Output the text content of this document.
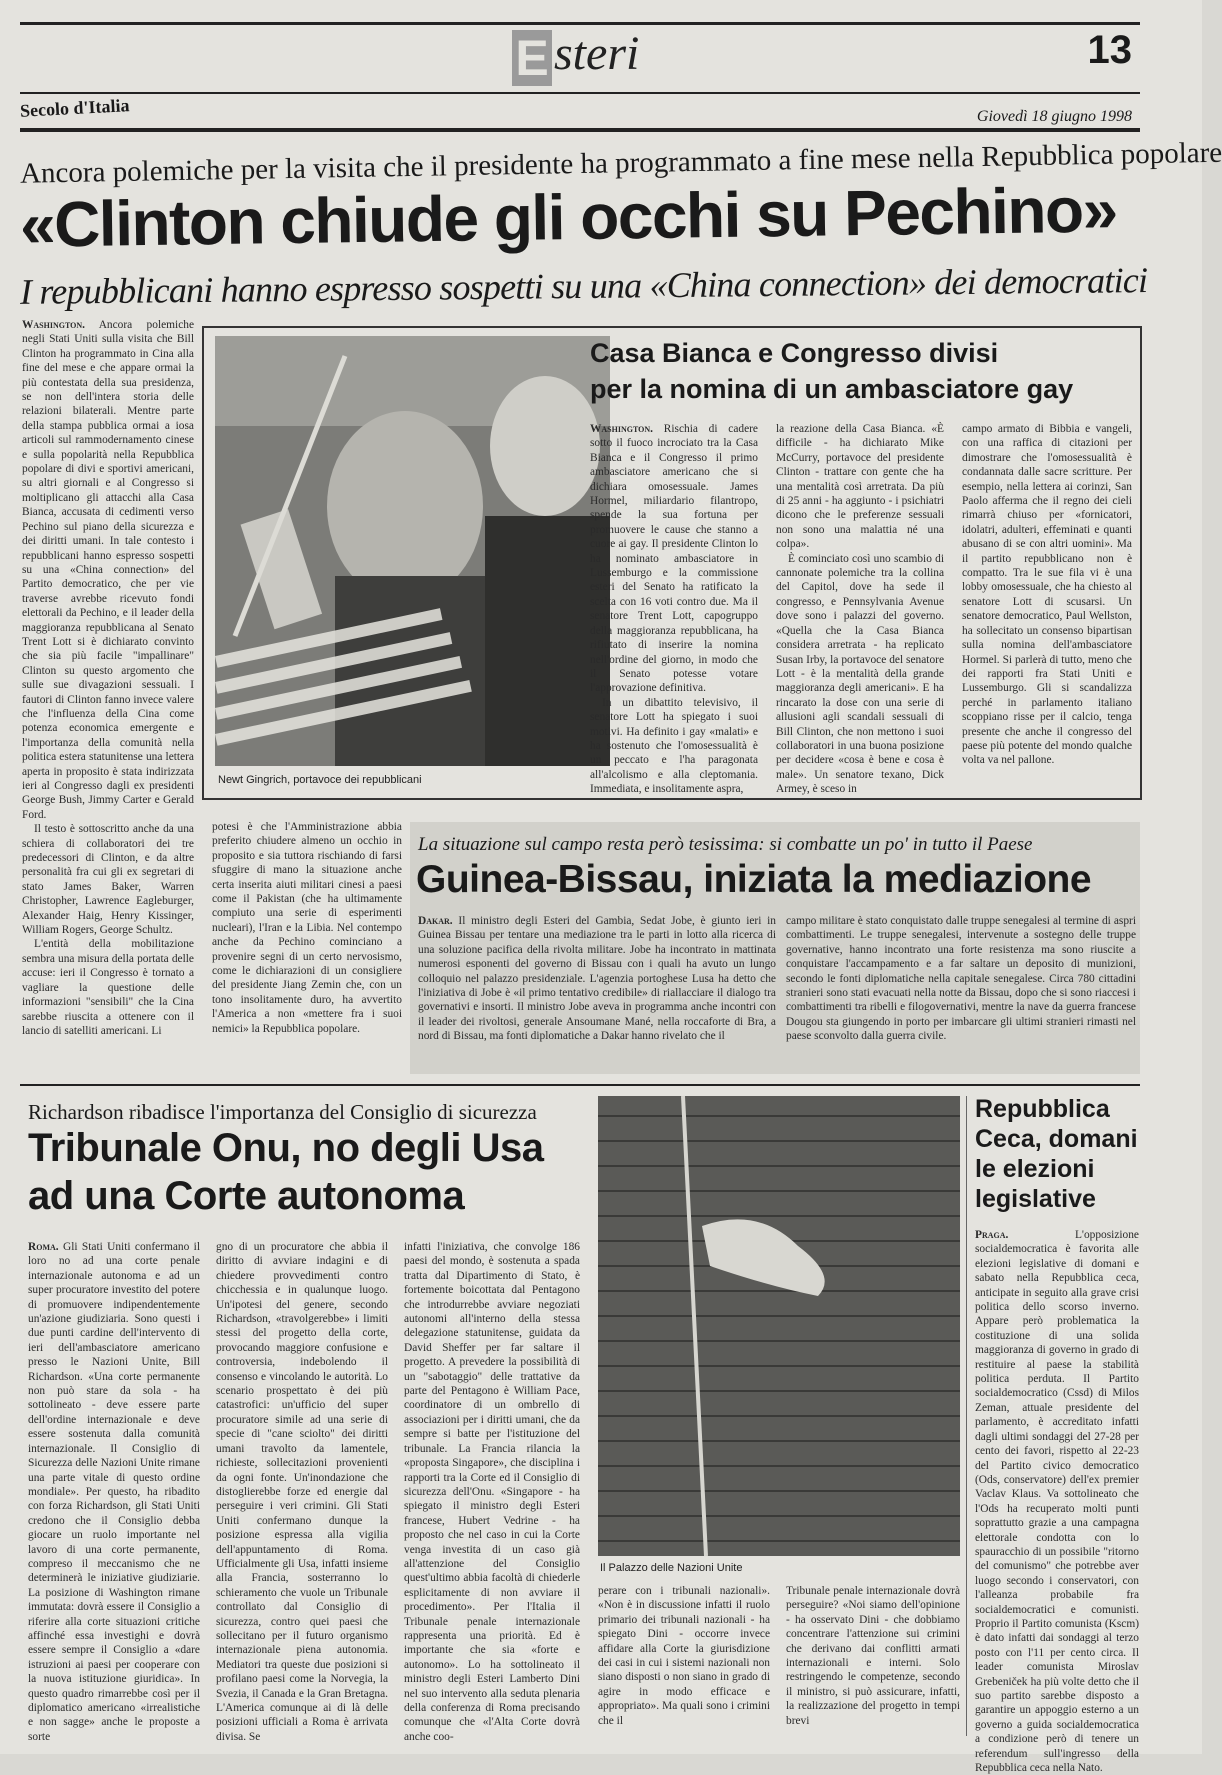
E steri	13
Secolo d'Italia	Giovedì 18 giugno 1998
Ancora polemiche per la visita che il presidente ha programmato a fine mese nella Repubblica popolare
«Clinton chiude gli occhi su Pechino»
I repubblicani hanno espresso sospetti su una «China connection» dei democratici

Washington. Ancora polemiche negli Stati Uniti sulla visita che Bill Clinton ha programmato in Cina alla fine del mese e che appare ormai la più contestata della sua presidenza, se non dell'intera storia delle relazioni bilaterali. Mentre parte della stampa pubblica ormai a iosa articoli sul rammodernamento cinese e sulla popolarità nella Repubblica popolare di divi e sportivi americani, su altri giornali e al Congresso si moltiplicano gli attacchi alla Casa Bianca, accusata di cedimenti verso Pechino sul piano della sicurezza e dei diritti umani. In tale contesto i repubblicani hanno espresso sospetti su una «China connection» del Partito democratico, che per vie traverse avrebbe ricevuto fondi elettorali da Pechino, e il leader della maggioranza repubblicana al Senato Trent Lott si è dichiarato convinto che sia più facile "impallinare" Clinton su questo argomento che sulle sue divagazioni sessuali. I fautori di Clinton fanno invece valere che l'influenza della Cina come potenza economica emergente e l'importanza della comunità nella politica estera statunitense una lettera aperta in proposito è stata indirizzata ieri al Congresso dagli ex presidenti George Bush, Jimmy Carter e Gerald Ford.

Il testo è sottoscritto anche da una schiera di collaboratori dei tre predecessori di Clinton, e da altre personalità fra cui gli ex segretari di stato James Baker, Warren Christopher, Lawrence Eagleburger, Alexander Haig, Henry Kissinger, William Rogers, George Schultz.

L'entità della mobilitazione sembra una misura della portata delle accuse: ieri il Congresso è tornato a vagliare la questione delle informazioni "sensibili" che la Cina sarebbe riuscita a ottenere con il lancio di satelliti americani. Li

Newt Gingrich, portavoce dei repubblicani
Casa Bianca e Congresso divisi
per la nomina di un ambasciatore gay

Washington. Rischia di cadere sotto il fuoco incrociato tra la Casa Bianca e il Congresso il primo ambasciatore americano che si dichiara omosessuale. James Hormel, miliardario filantropo, spende la sua fortuna per promuovere le cause che stanno a cuore ai gay. Il presidente Clinton lo ha nominato ambasciatore in Lussemburgo e la commissione esteri del Senato ha ratificato la scelta con 16 voti contro due. Ma il senatore Trent Lott, capogruppo della maggioranza repubblicana, ha rifiutato di inserire la nomina nell'ordine del giorno, in modo che il Senato potesse votare l'approvazione definitiva.

In un dibattito televisivo, il senatore Lott ha spiegato i suoi motivi. Ha definito i gay «malati» e ha sostenuto che l'omosessualità è un peccato e l'ha paragonata all'alcolismo e alla cleptomania. Immediata, e insolitamente aspra,

la reazione della Casa Bianca. «È difficile - ha dichiarato Mike McCurry, portavoce del presidente Clinton - trattare con gente che ha una mentalità così arretrata. Da più di 25 anni - ha aggiunto - i psichiatri dicono che le preferenze sessuali non sono una malattia né una colpa».

È cominciato così uno scambio di cannonate polemiche tra la collina del Capitol, dove ha sede il congresso, e Pennsylvania Avenue dove sono i palazzi del governo. «Quella che la Casa Bianca considera arretrata - ha replicato Susan Irby, la portavoce del senatore Lott - è la mentalità della grande maggioranza degli americani». E ha rincarato la dose con una serie di allusioni agli scandali sessuali di Bill Clinton, che non mettono i suoi collaboratori in una buona posizione per decidere «cosa è bene e cosa è male». Un senatore texano, Dick Armey, è sceso in

campo armato di Bibbia e vangeli, con una raffica di citazioni per dimostrare che l'omosessualità è condannata dalle sacre scritture. Per esempio, nella lettera ai corinzi, San Paolo afferma che il regno dei cieli rimarrà chiuso per «fornicatori, idolatri, adulteri, effeminati e quanti abusano di se con altri uomini». Ma il partito repubblicano non è compatto. Tra le sue fila vi è una lobby omosessuale, che ha chiesto al senatore Lott di scusarsi. Un senatore democratico, Paul Wellston, ha sollecitato un consenso bipartisan sulla nomina dell'ambasciatore Hormel. Si parlerà di tutto, meno che dei rapporti fra Stati Uniti e Lussemburgo. Gli si scandalizza perché in parlamento italiano scoppiano risse per il calcio, tenga presente che anche il congresso del paese più potente del mondo qualche volta va nel pallone.

potesi è che l'Amministrazione abbia preferito chiudere almeno un occhio in proposito e sia tuttora rischiando di farsi sfuggire di mano la situazione anche certa inserita aiuti militari cinesi a paesi come il Pakistan (che ha ultimamente compiuto una serie di esperimenti nucleari), l'Iran e la Libia. Nel contempo anche da Pechino cominciano a provenire segni di un certo nervosismo, come le dichiarazioni di un consigliere del presidente Jiang Zemin che, con un tono insolitamente duro, ha avvertito l'America a non «mettere fra i suoi nemici» la Repubblica popolare.

La situazione sul campo resta però tesissima: si combatte un po' in tutto il Paese
Guinea-Bissau, iniziata la mediazione

Dakar. Il ministro degli Esteri del Gambia, Sedat Jobe, è giunto ieri in Guinea Bissau per tentare una mediazione tra le parti in lotto alla ricerca di una soluzione pacifica della rivolta militare. Jobe ha incontrato in mattinata numerosi esponenti del governo di Bissau con i quali ha avuto un lungo colloquio nel palazzo presidenziale. L'agenzia portoghese Lusa ha detto che l'iniziativa di Jobe è «il primo tentativo credibile» di riallacciare il dialogo tra governativi e insorti. Il ministro Jobe aveva in programma anche incontri con il leader dei rivoltosi, generale Ansoumane Mané, nella roccaforte di Bra, a nord di Bissau, ma fonti diplomatiche a Dakar hanno rivelato che il

campo militare è stato conquistato dalle truppe senegalesi al termine di aspri combattimenti. Le truppe senegalesi, intervenute a sostegno delle truppe governative, hanno incontrato una forte resistenza ma sono riuscite a conquistare l'accampamento e a far saltare un deposito di munizioni, secondo le fonti diplomatiche nella capitale senegalese. Circa 780 cittadini stranieri sono stati evacuati nella notte da Bissau, dopo che si sono riaccesi i combattimenti tra ribelli e filogovernativi, mentre la nave da guerra francese Dougou sta giungendo in porto per imbarcare gli ultimi stranieri rimasti nel paese sconvolto dalla guerra civile.

Richardson ribadisce l'importanza del Consiglio di sicurezza
Tribunale Onu, no degli Usa
ad una Corte autonoma

Roma. Gli Stati Uniti confermano il loro no ad una corte penale internazionale autonoma e ad un super procuratore investito del potere di promuovere indipendentemente un'azione giudiziaria. Sono questi i due punti cardine dell'intervento di ieri dell'ambasciatore americano presso le Nazioni Unite, Bill Richardson. «Una corte permanente non può stare da sola - ha sottolineato - deve essere parte dell'ordine internazionale e deve essere sostenuta dalla comunità internazionale. Il Consiglio di Sicurezza delle Nazioni Unite rimane una parte vitale di questo ordine mondiale». Per questo, ha ribadito con forza Richardson, gli Stati Uniti credono che il Consiglio debba giocare un ruolo importante nel lavoro di una corte permanente, compreso il meccanismo che ne determinerà le iniziative giudiziarie. La posizione di Washington rimane immutata: dovrà essere il Consiglio a riferire alla corte situazioni critiche affinché essa investighi e dovrà essere sempre il Consiglio a «dare istruzioni ai paesi per cooperare con la nuova istituzione giuridica». In questo quadro rimarrebbe così per il diplomatico americano «irrealistiche e non sagge» anche le proposte a sorte

gno di un procuratore che abbia il diritto di avviare indagini e di chiedere provvedimenti contro chicchessia e in qualunque luogo. Un'ipotesi del genere, secondo Richardson, «travolgerebbe» i limiti stessi del progetto della corte, provocando maggiore confusione e controversia, indebolendo il consenso e vincolando le autorità. Lo scenario prospettato è dei più catastrofici: un'ufficio del super procuratore simile ad una serie di specie di "cane sciolto" dei diritti umani travolto da lamentele, richieste, sollecitazioni provenienti da ogni fonte. Un'inondazione che distoglierebbe forze ed energie dal perseguire i veri crimini. Gli Stati Uniti confermano dunque la posizione espressa alla vigilia dell'appuntamento di Roma. Ufficialmente gli Usa, infatti insieme alla Francia, sosterranno lo schieramento che vuole un Tribunale controllato dal Consiglio di sicurezza, contro quei paesi che sollecitano per il futuro organismo internazionale piena autonomia. Mediatori tra queste due posizioni si profilano paesi come la Norvegia, la Svezia, il Canada e la Gran Bretagna. L'America comunque ai di là delle posizioni ufficiali a Roma è arrivata divisa. Se

infatti l'iniziativa, che convolge 186 paesi del mondo, è sostenuta a spada tratta dal Dipartimento di Stato, è fortemente boicottata dal Pentagono che introdurrebbe avviare negoziati autonomi all'interno della stessa delegazione statunitense, guidata da David Sheffer per far saltare il progetto. A prevedere la possibilità di un "sabotaggio" delle trattative da parte del Pentagono è William Pace, coordinatore di un ombrello di associazioni per i diritti umani, che da sempre si batte per l'istituzione del tribunale. La Francia rilancia la «proposta Singapore», che disciplina i rapporti tra la Corte ed il Consiglio di sicurezza dell'Onu. «Singapore - ha spiegato il ministro degli Esteri francese, Hubert Vedrine - ha proposto che nel caso in cui la Corte venga investita di un caso già all'attenzione del Consiglio quest'ultimo abbia facoltà di chiederle esplicitamente di non avviare il procedimento». Per l'Italia il Tribunale penale internazionale rappresenta una priorità. Ed è importante che sia «forte e autonomo». Lo ha sottolineato il ministro degli Esteri Lamberto Dini nel suo intervento alla seduta plenaria della conferenza di Roma precisando comunque che «l'Alta Corte dovrà anche coo-

Il Palazzo delle Nazioni Unite

perare con i tribunali nazionali». «Non è in discussione infatti il ruolo primario dei tribunali nazionali - ha spiegato Dini - occorre invece affidare alla Corte la giurisdizione dei casi in cui i sistemi nazionali non siano disposti o non siano in grado di agire in modo efficace e appropriato». Ma quali sono i crimini che il

Tribunale penale internazionale dovrà perseguire? «Noi siamo dell'opinione - ha osservato Dini - che dobbiamo concentrare l'attenzione sui crimini che derivano dai conflitti armati internazionali e interni. Solo restringendo le competenze, secondo il ministro, si può assicurare, infatti, la realizzazione del progetto in tempi brevi

Repubblica
Ceca, domani
le elezioni
legislative

Praga.	L'opposizione socialdemocratica è favorita alle elezioni legislative di domani e sabato nella Repubblica ceca, anticipate in seguito alla grave crisi politica dello scorso inverno. Appare però problematica la costituzione di una solida maggioranza di governo in grado di restituire al paese la stabilità politica perduta. Il Partito socialdemocratico (Cssd) di Milos Zeman, attuale presidente del parlamento, è accreditato infatti dagli ultimi sondaggi del 27-28 per cento dei favori, rispetto al 22-23 del Partito civico democratico (Ods, conservatore) dell'ex premier Vaclav Klaus. Va sottolineato che l'Ods ha recuperato molti punti soprattutto grazie a una campagna elettorale condotta con lo spauracchio di un possibile "ritorno del comunismo" che potrebbe aver luogo secondo i conservatori, con l'alleanza probabile fra socialdemocratici e comunisti. Proprio il Partito comunista (Kscm) è dato infatti dai sondaggi al terzo posto con l'11 per cento circa. Il leader comunista Miroslav Grebeniček ha più volte detto che il suo partito sarebbe disposto a garantire un appoggio esterno a un governo a guida socialdemocratica a condizione però di tenere un referendum sull'ingresso della Repubblica ceca nella Nato.
